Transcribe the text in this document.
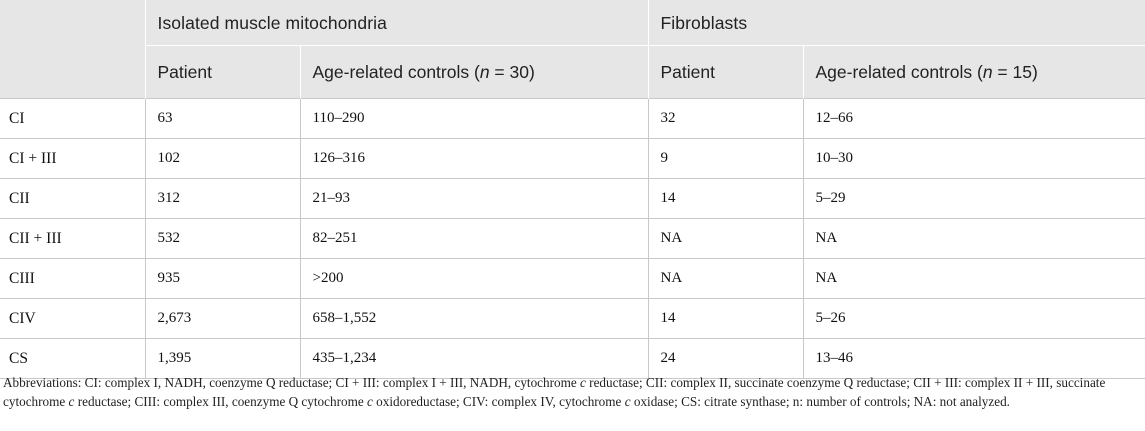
	Isolated muscle mitochondria		Fibroblasts	
	Patient	Age-related controls (n = 30)	Patient	Age-related controls (n = 15)
CI	63	110–290	32	12–66
CI + III	102	126–316	9	10–30
CII	312	21–93	14	5–29
CII + III	532	82–251	NA	NA
CIII	935	>200	NA	NA
CIV	2,673	658–1,552	14	5–26
CS	1,395	435–1,234	24	13–46
Abbreviations: CI: complex I, NADH, coenzyme Q reductase; CI + III: complex I + III, NADH, cytochrome c reductase; CII: complex II, succinate coenzyme Q reductase; CII + III: complex II + III, succinate cytochrome c reductase; CIII: complex III, coenzyme Q cytochrome c oxidoreductase; CIV: complex IV, cytochrome c oxidase; CS: citrate synthase; n: number of controls; NA: not analyzed.
